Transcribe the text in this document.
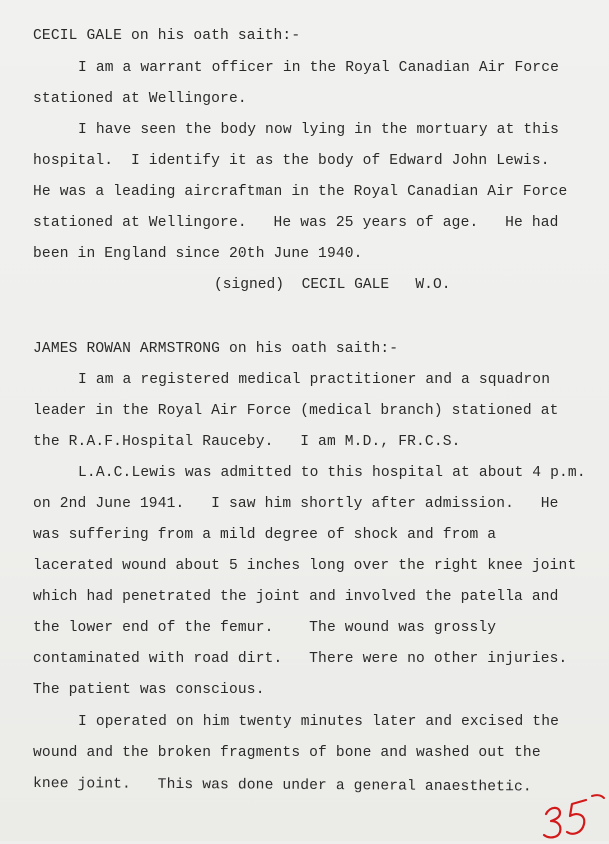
CECIL GALE on his oath saith:-
I am a warrant officer in the Royal Canadian Air Force
stationed at Wellingore.
I have seen the body now lying in the mortuary at this
hospital.  I identify it as the body of Edward John Lewis.
He was a leading aircraftman in the Royal Canadian Air Force
stationed at Wellingore.   He was 25 years of age.   He had
been in England since 20th June 1940.
(signed)  CECIL GALE   W.O.
JAMES ROWAN ARMSTRONG on his oath saith:-
I am a registered medical practitioner and a squadron
leader in the Royal Air Force (medical branch) stationed at
the R.A.F.Hospital Rauceby.   I am M.D., FR.C.S.
L.A.C.Lewis was admitted to this hospital at about 4 p.m.
on 2nd June 1941.   I saw him shortly after admission.   He
was suffering from a mild degree of shock and from a
lacerated wound about 5 inches long over the right knee joint
which had penetrated the joint and involved the patella and
the lower end of the femur.    The wound was grossly
contaminated with road dirt.   There were no other injuries.
The patient was conscious.
I operated on him twenty minutes later and excised the
wound and the broken fragments of bone and washed out the
knee joint.   This was done under a general anaesthetic.
